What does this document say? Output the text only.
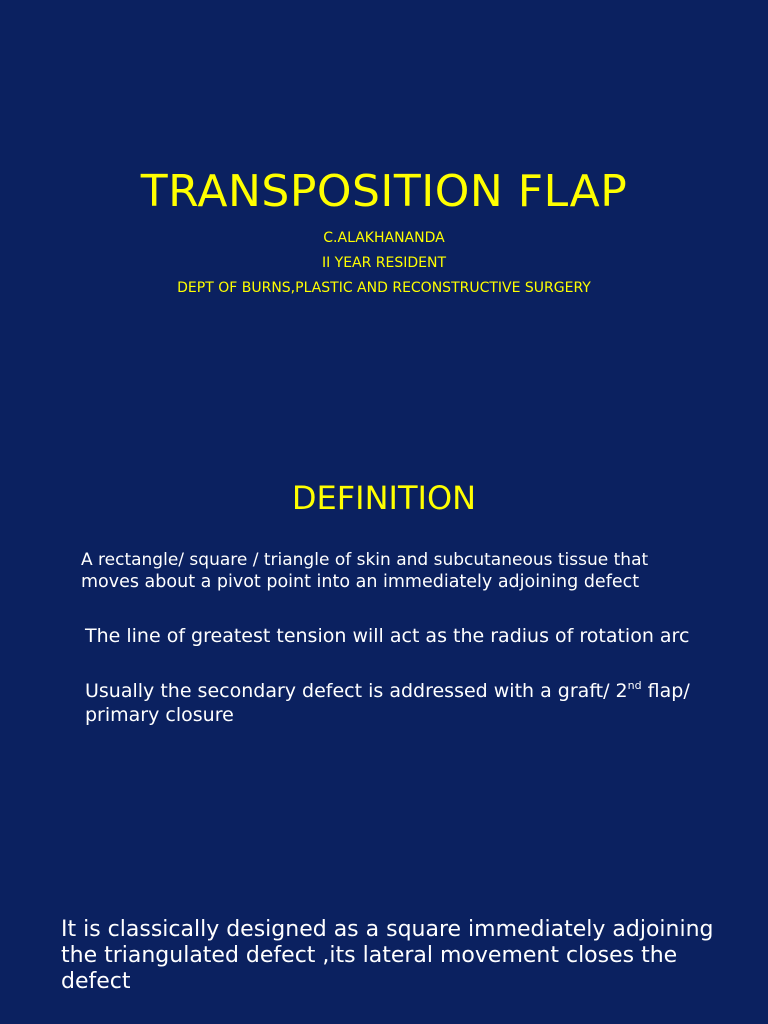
TRANSPOSITION FLAP
C.ALAKHANANDA
II YEAR RESIDENT
DEPT OF BURNS,PLASTIC AND RECONSTRUCTIVE SURGERY
DEFINITION
A rectangle/ square / triangle of skin and subcutaneous tissue that
moves about a pivot point into an immediately adjoining defect
The line of greatest tension will act as the radius of rotation arc
Usually the secondary defect is addressed with a graft/ 2nd flap/ primary closure
It is classically designed as a square immediately adjoining the triangulated defect ,its lateral movement closes the defect
